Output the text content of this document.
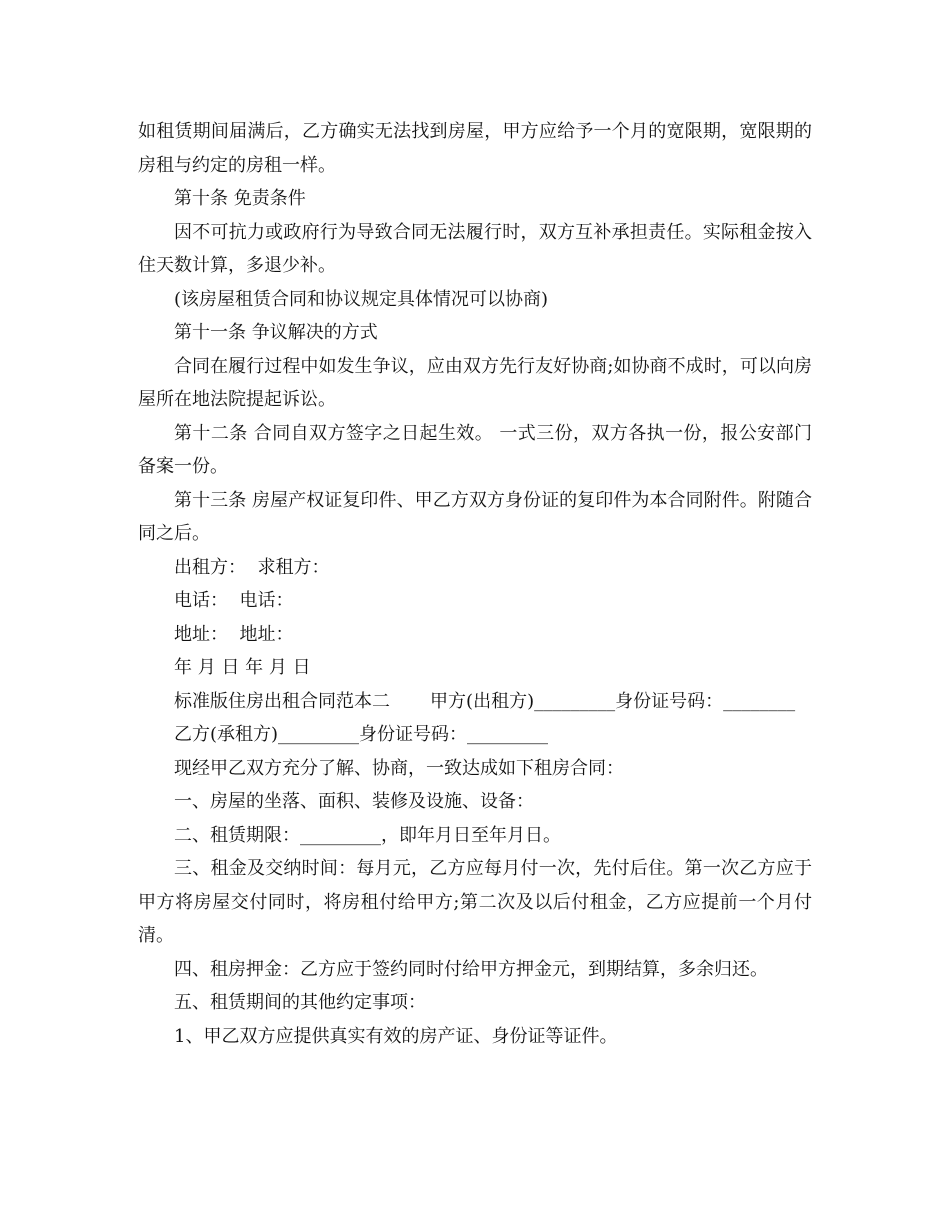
如租赁期间届满后，乙方确实无法找到房屋，甲方应给予一个月的宽限期，宽限期的房租与约定的房租一样。

第十条 免责条件

因不可抗力或政府行为导致合同无法履行时，双方互补承担责任。实际租金按入住天数计算，多退少补。

(该房屋租赁合同和协议规定具体情况可以协商)

第十一条 争议解决的方式

合同在履行过程中如发生争议，应由双方先行友好协商;如协商不成时，可以向房屋所在地法院提起诉讼。

第十二条 合同自双方签字之日起生效。 一式三份，双方各执一份，报公安部门备案一份。

第十三条 房屋产权证复印件、甲乙方双方身份证的复印件为本合同附件。附随合同之后。

出租方：  求租方：

电话：  电话：

地址：  地址：

年 月 日 年 月 日

标准版住房出租合同范本二       甲方(出租方)_________身份证号码：________

乙方(承租方)_________身份证号码：_________

现经甲乙双方充分了解、协商，一致达成如下租房合同：

一、房屋的坐落、面积、装修及设施、设备：

二、租赁期限：_________，即年月日至年月日。

三、租金及交纳时间：每月元，乙方应每月付一次，先付后住。第一次乙方应于甲方将房屋交付同时，将房租付给甲方;第二次及以后付租金，乙方应提前一个月付清。

四、租房押金：乙方应于签约同时付给甲方押金元，到期结算，多余归还。

五、租赁期间的其他约定事项：

1、甲乙双方应提供真实有效的房产证、身份证等证件。
